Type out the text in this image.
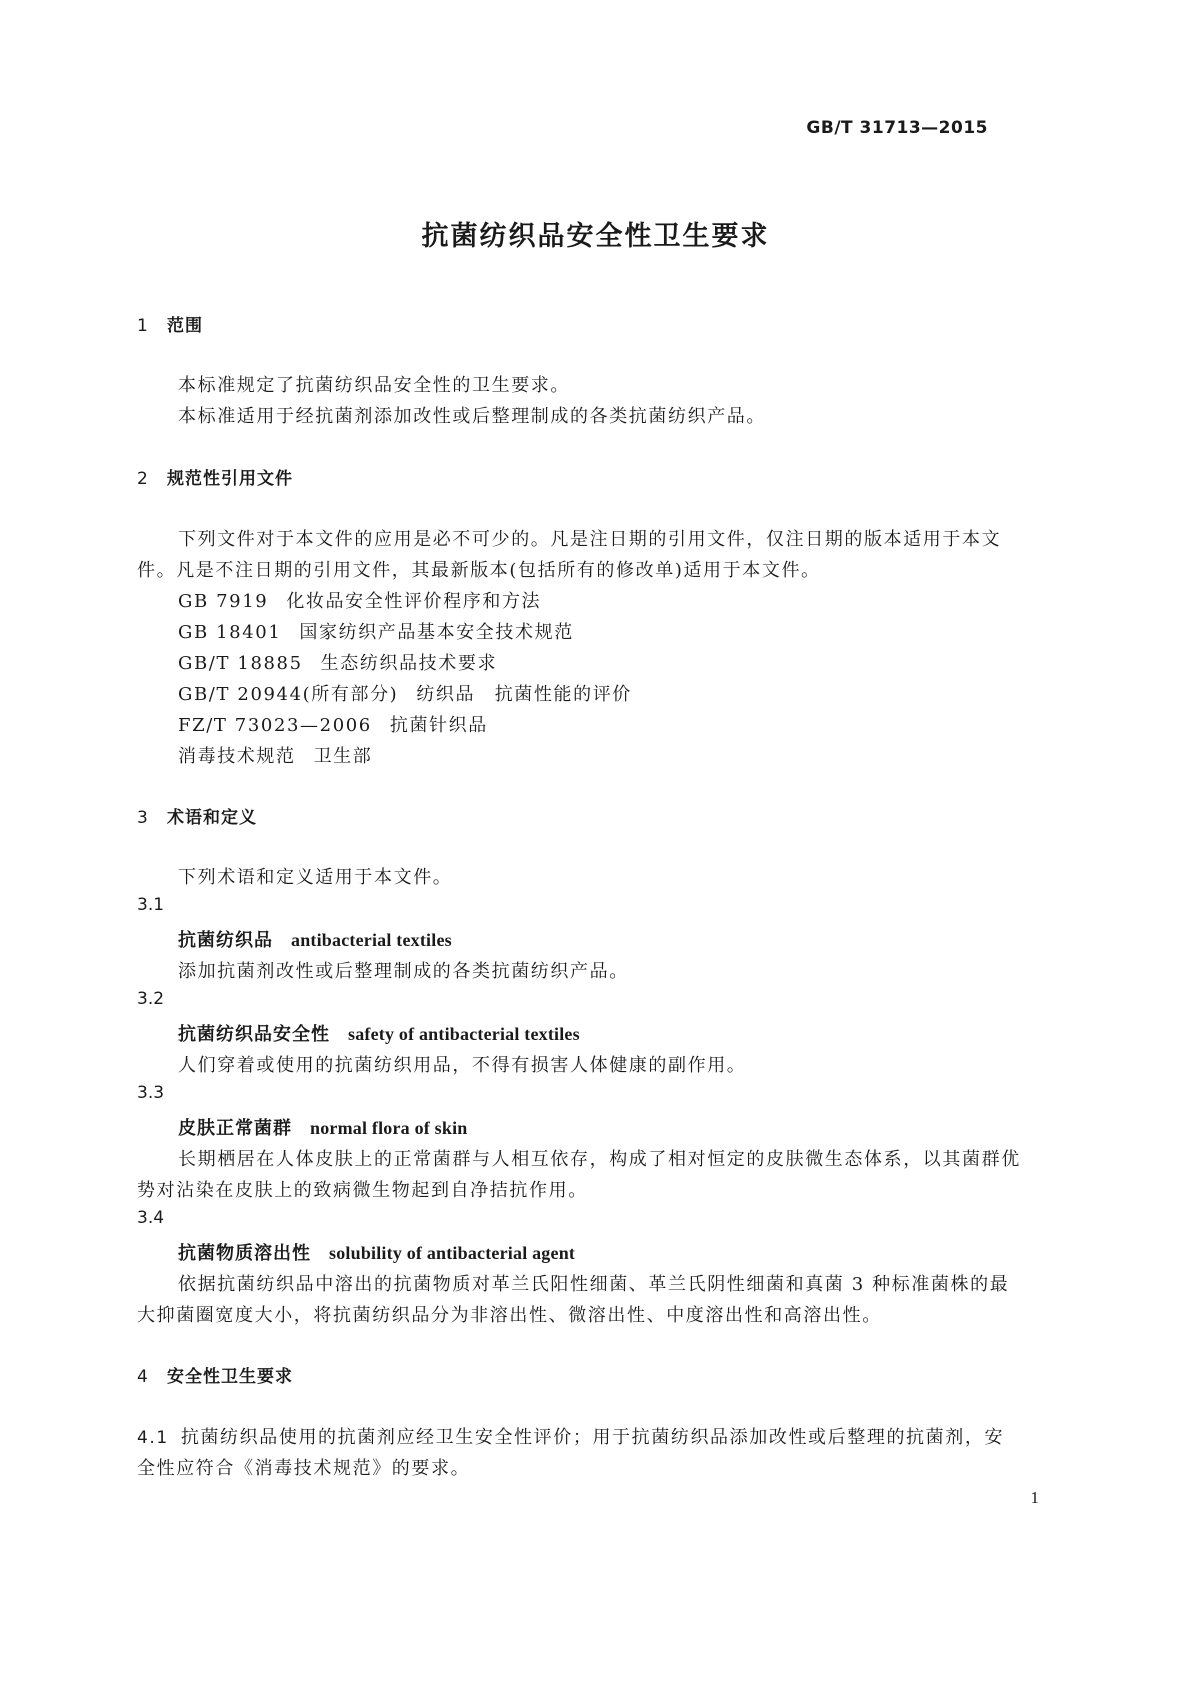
GB/T 31713—2015
抗菌纺织品安全性卫生要求
1 范围
本标准规定了抗菌纺织品安全性的卫生要求。
本标准适用于经抗菌剂添加改性或后整理制成的各类抗菌纺织产品。
2 规范性引用文件
下列文件对于本文件的应用是必不可少的。凡是注日期的引用文件，仅注日期的版本适用于本文
件。凡是不注日期的引用文件，其最新版本(包括所有的修改单)适用于本文件。
GB 7919 化妆品安全性评价程序和方法
GB 18401 国家纺织产品基本安全技术规范
GB/T 18885 生态纺织品技术要求
GB/T 20944(所有部分) 纺织品　抗菌性能的评价
FZ/T 73023—2006 抗菌针织品
消毒技术规范 卫生部
3 术语和定义
下列术语和定义适用于本文件。
3.1
抗菌纺织品 antibacterial textiles
添加抗菌剂改性或后整理制成的各类抗菌纺织产品。
3.2
抗菌纺织品安全性 safety of antibacterial textiles
人们穿着或使用的抗菌纺织用品，不得有损害人体健康的副作用。
3.3
皮肤正常菌群 normal flora of skin
长期栖居在人体皮肤上的正常菌群与人相互依存，构成了相对恒定的皮肤微生态体系，以其菌群优
势对沾染在皮肤上的致病微生物起到自净拮抗作用。
3.4
抗菌物质溶出性 solubility of antibacterial agent
依据抗菌纺织品中溶出的抗菌物质对革兰氏阳性细菌、革兰氏阴性细菌和真菌 3 种标准菌株的最
大抑菌圈宽度大小，将抗菌纺织品分为非溶出性、微溶出性、中度溶出性和高溶出性。
4 安全性卫生要求
4.1 抗菌纺织品使用的抗菌剂应经卫生安全性评价；用于抗菌纺织品添加改性或后整理的抗菌剂，安
全性应符合《消毒技术规范》的要求。
1
